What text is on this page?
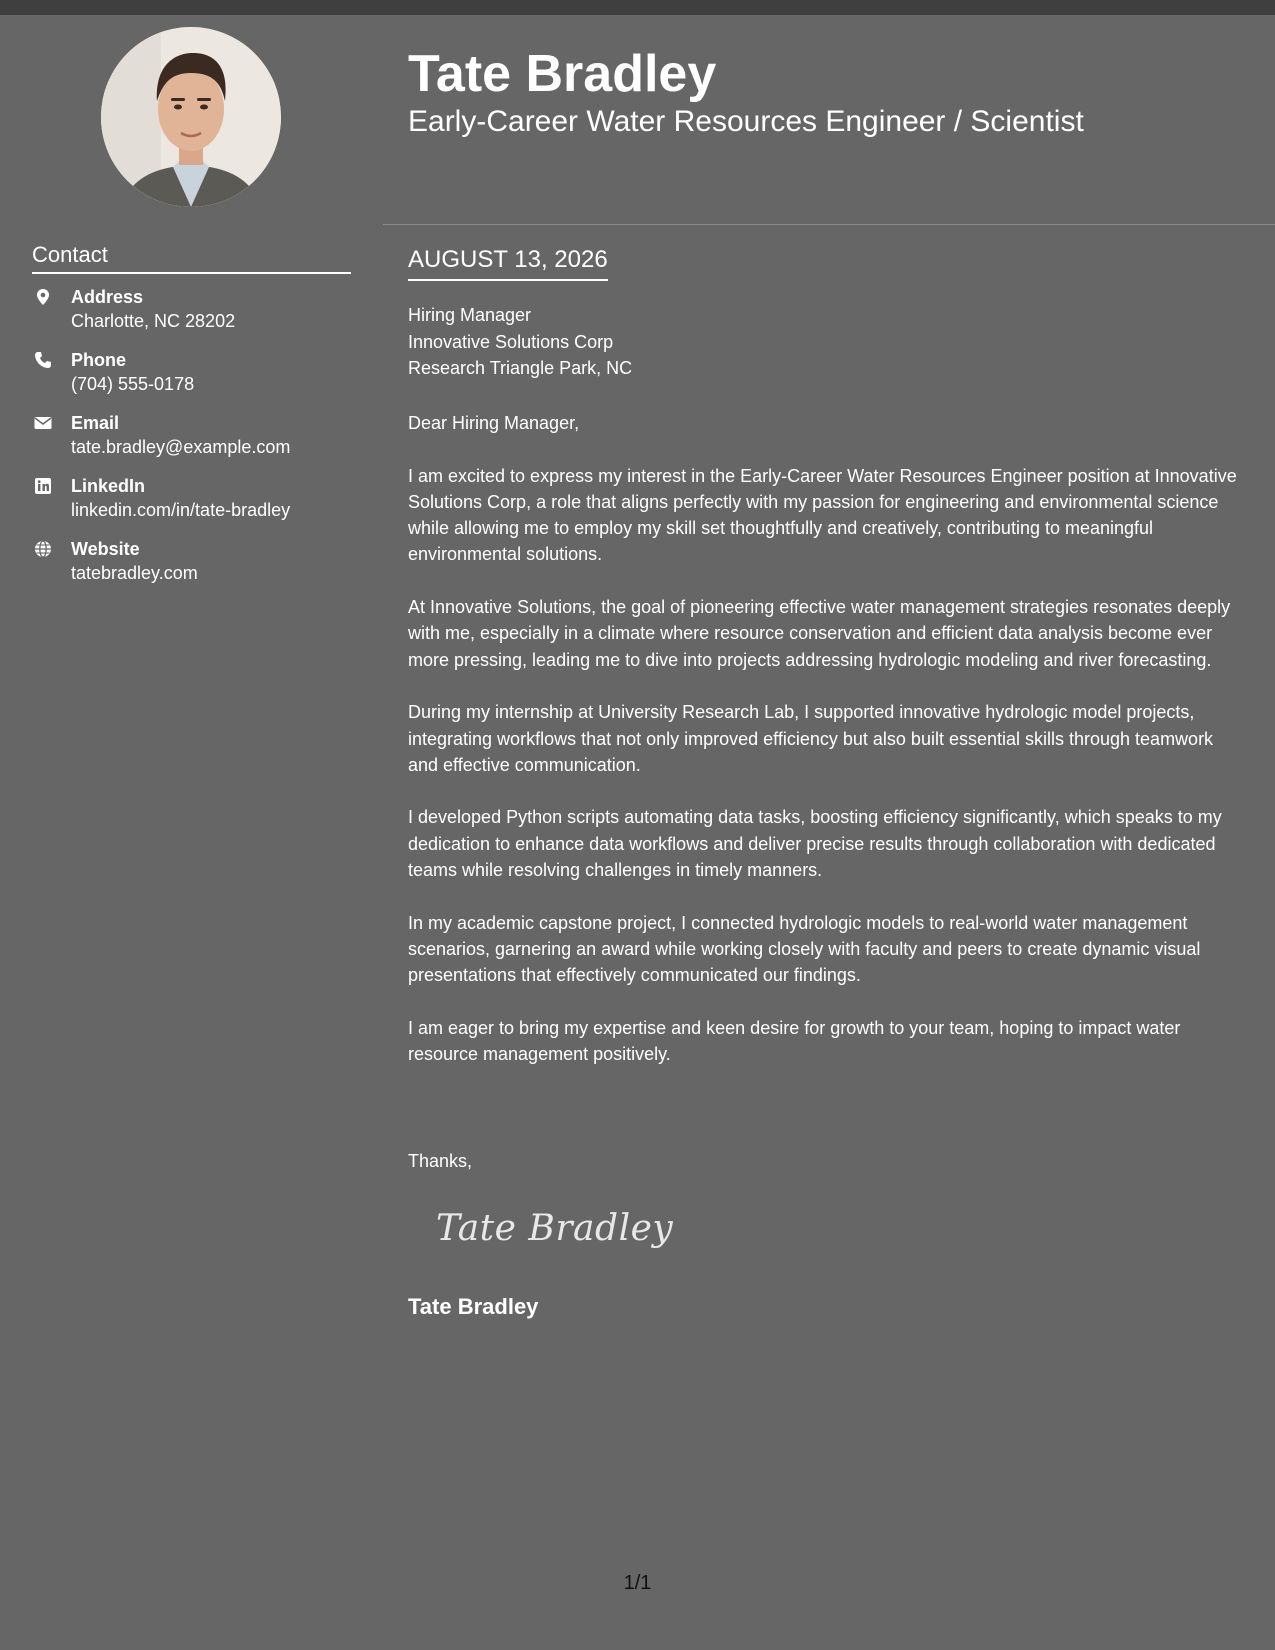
Tate Bradley
Early-Career Water Resources Engineer / Scientist
Contact
Address
Charlotte, NC 28202
Phone
(704) 555-0178
Email
tate.bradley@example.com
LinkedIn
linkedin.com/in/tate-bradley
Website
tatebradley.com
AUGUST 13, 2026
Hiring Manager
Innovative Solutions Corp
Research Triangle Park, NC

Dear Hiring Manager,

I am excited to express my interest in the Early-Career Water Resources Engineer position at Innovative Solutions Corp, a role that aligns perfectly with my passion for engineering and environmental science while allowing me to employ my skill set thoughtfully and creatively, contributing to meaningful environmental solutions.

At Innovative Solutions, the goal of pioneering effective water management strategies resonates deeply with me, especially in a climate where resource conservation and efficient data analysis become ever more pressing, leading me to dive into projects addressing hydrologic modeling and river forecasting.

During my internship at University Research Lab, I supported innovative hydrologic model projects, integrating workflows that not only improved efficiency but also built essential skills through teamwork and effective communication.

I developed Python scripts automating data tasks, boosting efficiency significantly, which speaks to my dedication to enhance data workflows and deliver precise results through collaboration with dedicated teams while resolving challenges in timely manners.

In my academic capstone project, I connected hydrologic models to real-world water management scenarios, garnering an award while working closely with faculty and peers to create dynamic visual presentations that effectively communicated our findings.

I am eager to bring my expertise and keen desire for growth to your team, hoping to impact water resource management positively.

Thanks,
Tate Bradley
Tate Bradley
1/1
